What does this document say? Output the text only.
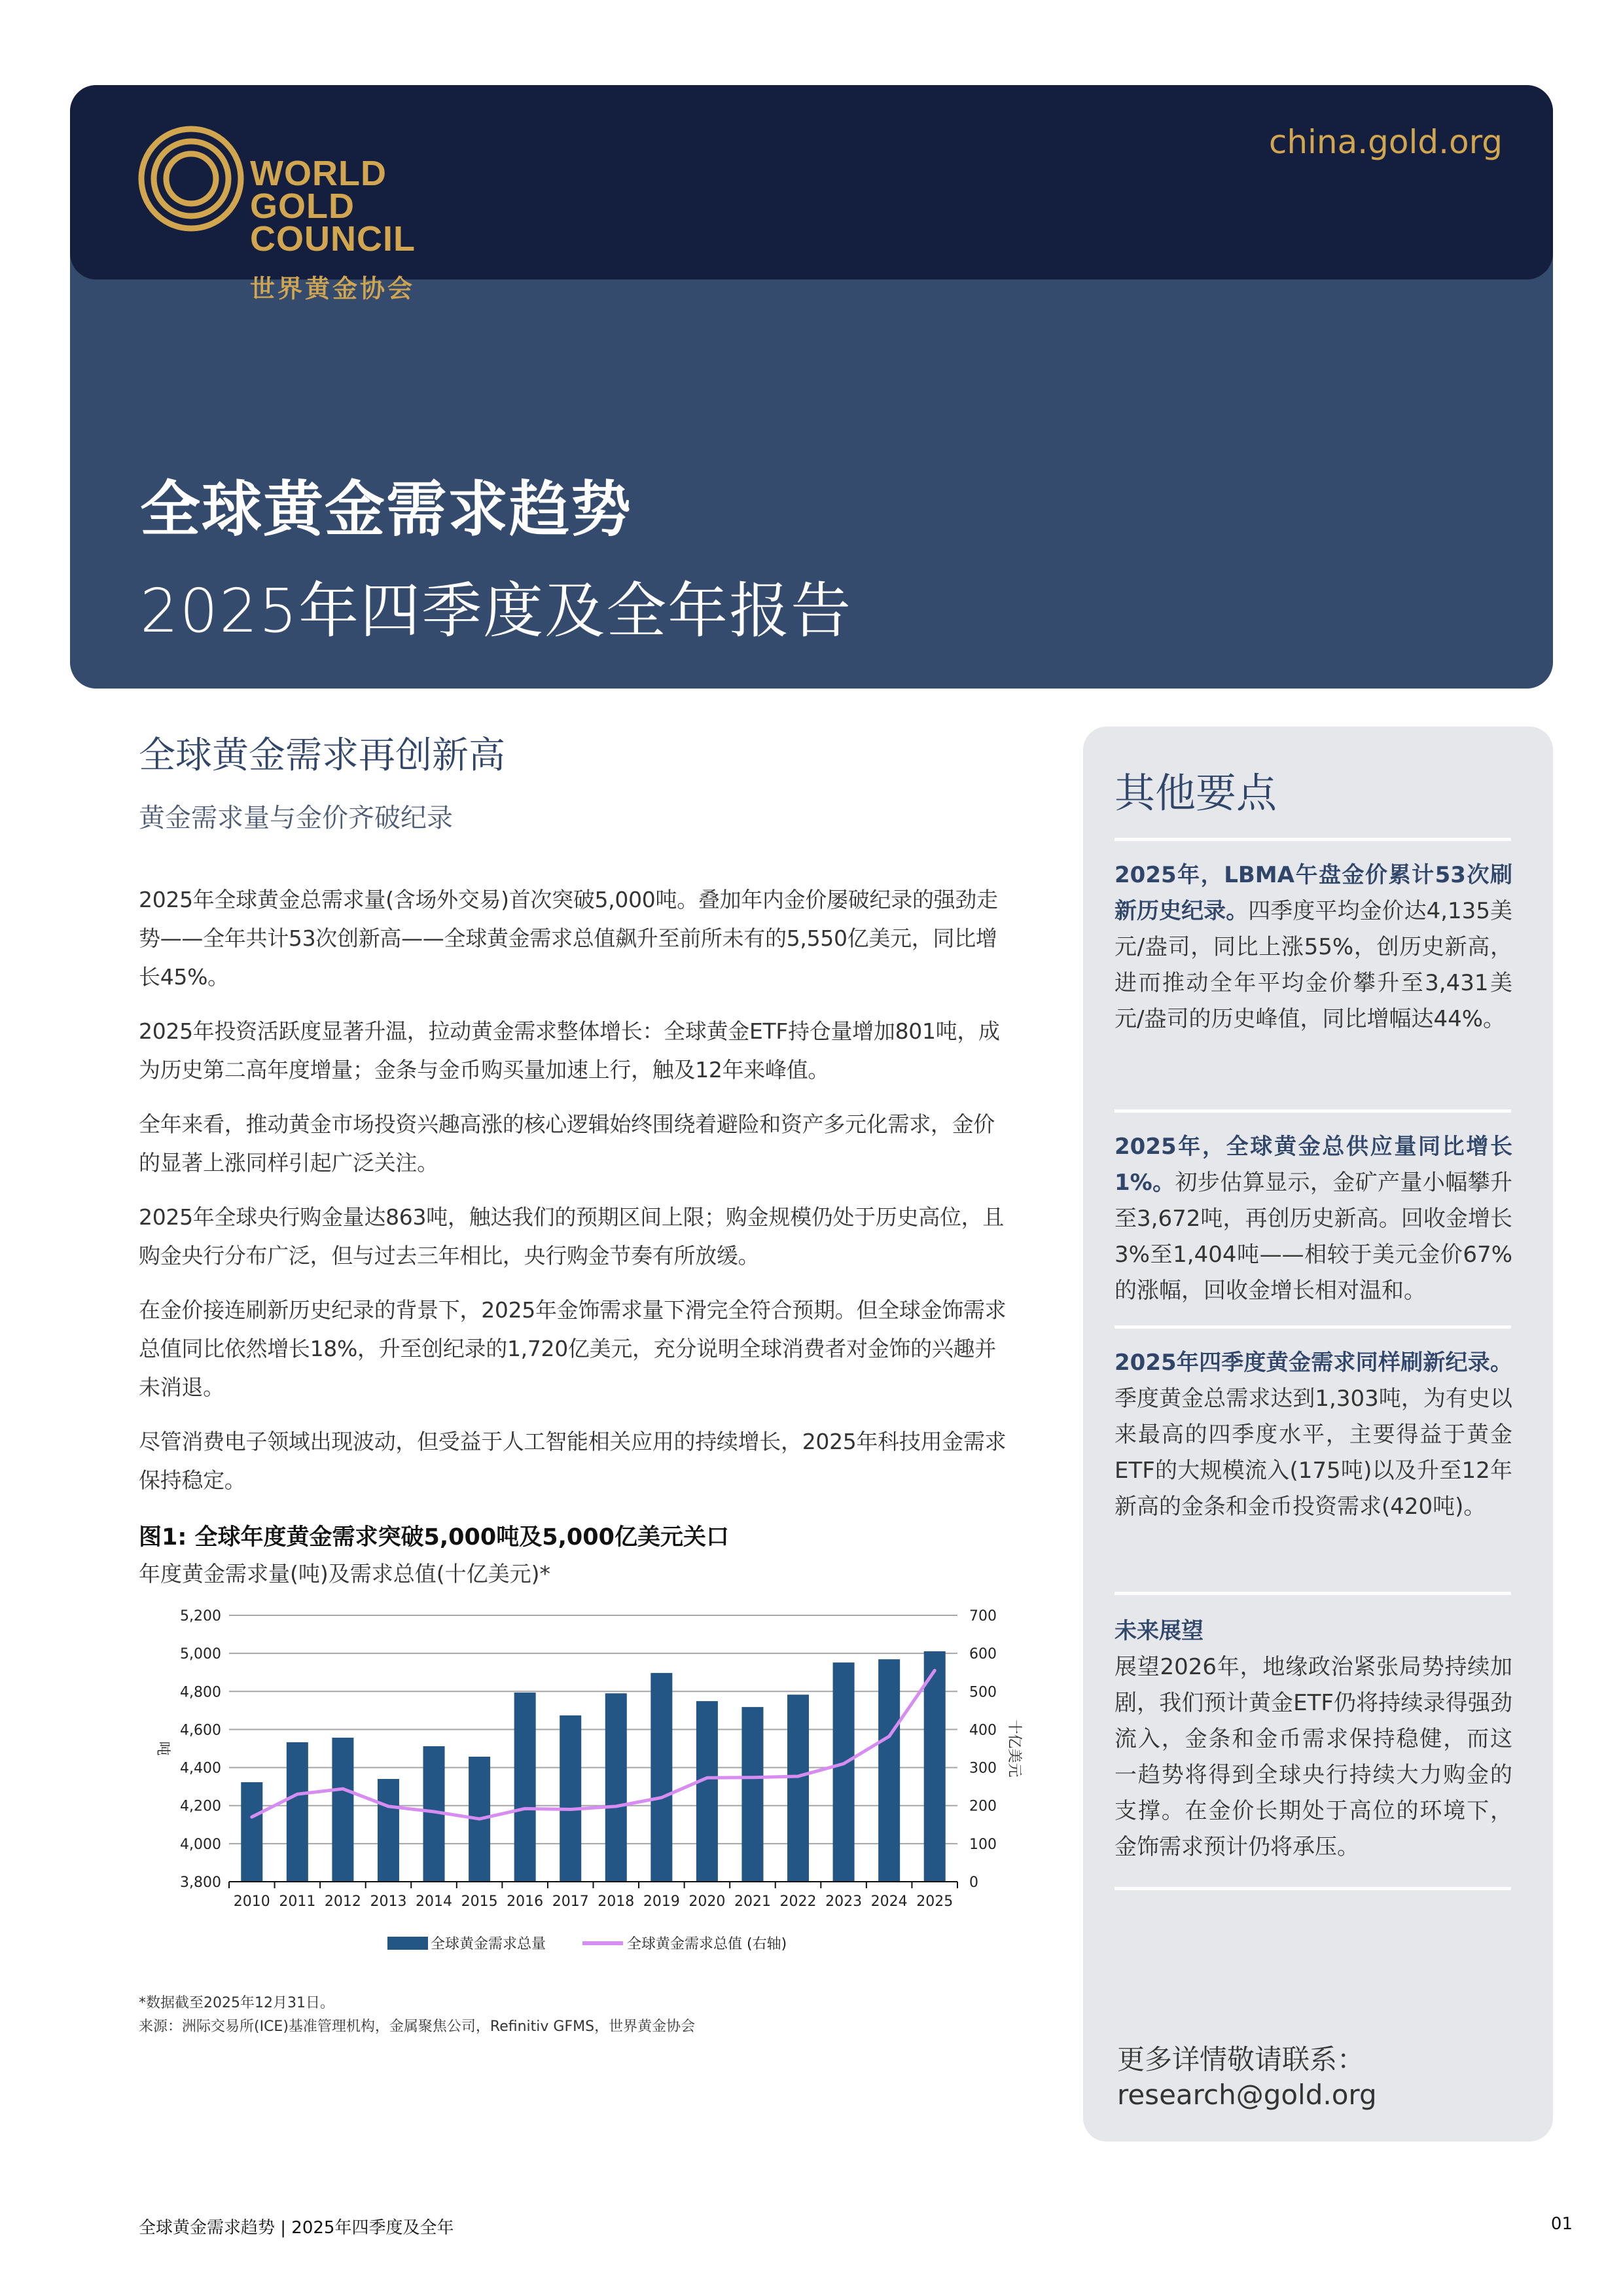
WORLD
GOLD
COUNCIL
世界黄金协会
china.gold.org
全球黄金需求趋势
2025年四季度及全年报告
全球黄金需求再创新高
黄金需求量与金价齐破纪录

2025年全球黄金总需求量(含场外交易)首次突破5,000吨。叠加年内金价屡破纪录的强劲走势——全年共计53次创新高——全球黄金需求总值飙升至前所未有的5,550亿美元，同比增长45%。

2025年投资活跃度显著升温，拉动黄金需求整体增长：全球黄金ETF持仓量增加801吨，成为历史第二高年度增量；金条与金币购买量加速上行，触及12年来峰值。

全年来看，推动黄金市场投资兴趣高涨的核心逻辑始终围绕着避险和资产多元化需求，金价的显著上涨同样引起广泛关注。

2025年全球央行购金量达863吨，触达我们的预期区间上限；购金规模仍处于历史高位，且购金央行分布广泛，但与过去三年相比，央行购金节奏有所放缓。

在金价接连刷新历史纪录的背景下，2025年金饰需求量下滑完全符合预期。但全球金饰需求总值同比依然增长18%，升至创纪录的1,720亿美元，充分说明全球消费者对金饰的兴趣并未消退。

尽管消费电子领域出现波动，但受益于人工智能相关应用的持续增长，2025年科技用金需求保持稳定。

图1: 全球年度黄金需求突破5,000吨及5,000亿美元关口
年度黄金需求量(吨)及需求总值(十亿美元)*
3,800
4,000
4,200
4,400
4,600
4,800
5,000
5,200
0
100
200
300
400
500
600
700
吨	十亿美元
2010 2011 2012 2013 2014 2015 2016 2017 2018 2019 2020 2021 2022 2023 2024 2025
全球黄金需求总量	全球黄金需求总值 (右轴)
*数据截至2025年12月31日。
来源：洲际交易所(ICE)基准管理机构，金属聚焦公司，Refinitiv GFMS，世界黄金协会
其他要点
2025年，LBMA午盘金价累计53次刷新历史纪录。四季度平均金价达4,135美元/盎司，同比上涨55%，创历史新高，进而推动全年平均金价攀升至3,431美元/盎司的历史峰值，同比增幅达44%。
2025年，全球黄金总供应量同比增长1%。初步估算显示，金矿产量小幅攀升至3,672吨，再创历史新高。回收金增长3%至1,404吨——相较于美元金价67%的涨幅，回收金增长相对温和。
2025年四季度黄金需求同样刷新纪录。季度黄金总需求达到1,303吨，为有史以来最高的四季度水平，主要得益于黄金ETF的大规模流入(175吨)以及升至12年新高的金条和金币投资需求(420吨)。
未来展望
展望2026年，地缘政治紧张局势持续加剧，我们预计黄金ETF仍将持续录得强劲流入，金条和金币需求保持稳健，而这一趋势将得到全球央行持续大力购金的支撑。在金价长期处于高位的环境下，金饰需求预计仍将承压。
更多详情敬请联系：
research@gold.org
全球黄金需求趋势 | 2025年四季度及全年	01
